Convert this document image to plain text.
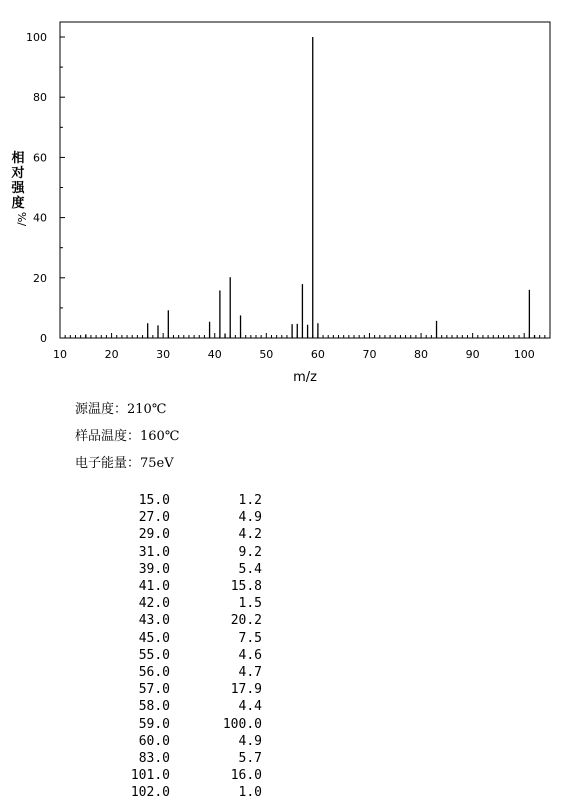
10	20	30	40	50	60	70	80	90	100
0
20
40
60
80
100
m/z
相
对
强
度
%/
源温度：210℃
样品温度：160℃
电子能量：75eV
15.0	1.2
27.0	4.9
29.0	4.2
31.0	9.2
39.0	5.4
41.0	15.8
42.0	1.5
43.0	20.2
45.0	7.5
55.0	4.6
56.0	4.7
57.0	17.9
58.0	4.4
59.0	100.0
60.0	4.9
83.0	5.7
101.0	16.0
102.0	1.0
